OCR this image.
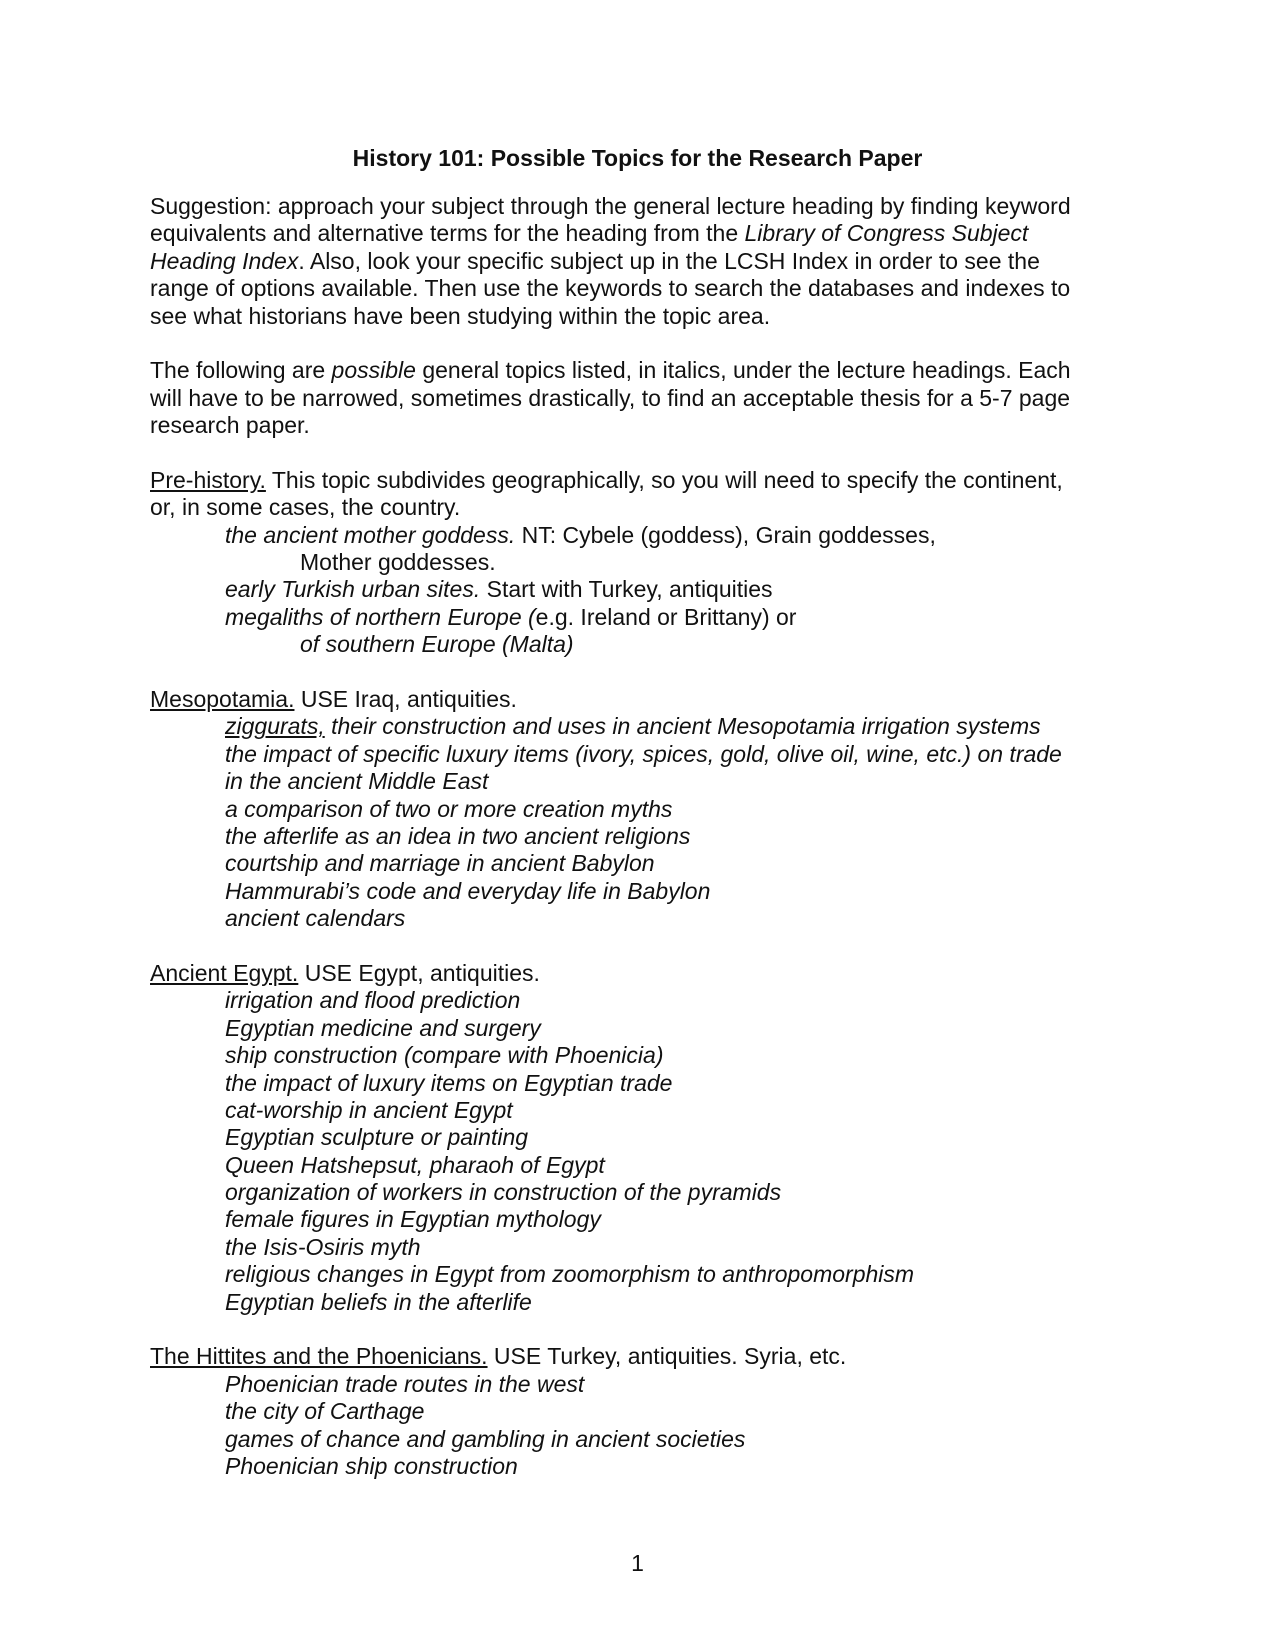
History 101: Possible Topics for the Research Paper
Suggestion: approach your subject through the general lecture heading by finding keyword
equivalents and alternative terms for the heading from the Library of Congress Subject
Heading Index. Also, look your specific subject up in the LCSH Index in order to see the
range of options available. Then use the keywords to search the databases and indexes to
see what historians have been studying within the topic area.
The following are possible general topics listed, in italics, under the lecture headings. Each
will have to be narrowed, sometimes drastically, to find an acceptable thesis for a 5-7 page
research paper.
Pre-history. This topic subdivides geographically, so you will need to specify the continent,
or, in some cases, the country.
the ancient mother goddess. NT: Cybele (goddess), Grain goddesses,
Mother goddesses.
early Turkish urban sites. Start with Turkey, antiquities
megaliths of northern Europe (e.g. Ireland or Brittany) or
of southern Europe (Malta)
Mesopotamia. USE Iraq, antiquities.
ziggurats, their construction and uses in ancient Mesopotamia irrigation systems
the impact of specific luxury items (ivory, spices, gold, olive oil, wine, etc.) on trade
in the ancient Middle East
a comparison of two or more creation myths
the afterlife as an idea in two ancient religions
courtship and marriage in ancient Babylon
Hammurabi’s code and everyday life in Babylon
ancient calendars
Ancient Egypt. USE Egypt, antiquities.
irrigation and flood prediction
Egyptian medicine and surgery
ship construction (compare with Phoenicia)
the impact of luxury items on Egyptian trade
cat-worship in ancient Egypt
Egyptian sculpture or painting
Queen Hatshepsut, pharaoh of Egypt
organization of workers in construction of the pyramids
female figures in Egyptian mythology
the Isis-Osiris myth
religious changes in Egypt from zoomorphism to anthropomorphism
Egyptian beliefs in the afterlife
The Hittites and the Phoenicians. USE Turkey, antiquities. Syria, etc.
Phoenician trade routes in the west
the city of Carthage
games of chance and gambling in ancient societies
Phoenician ship construction
1
